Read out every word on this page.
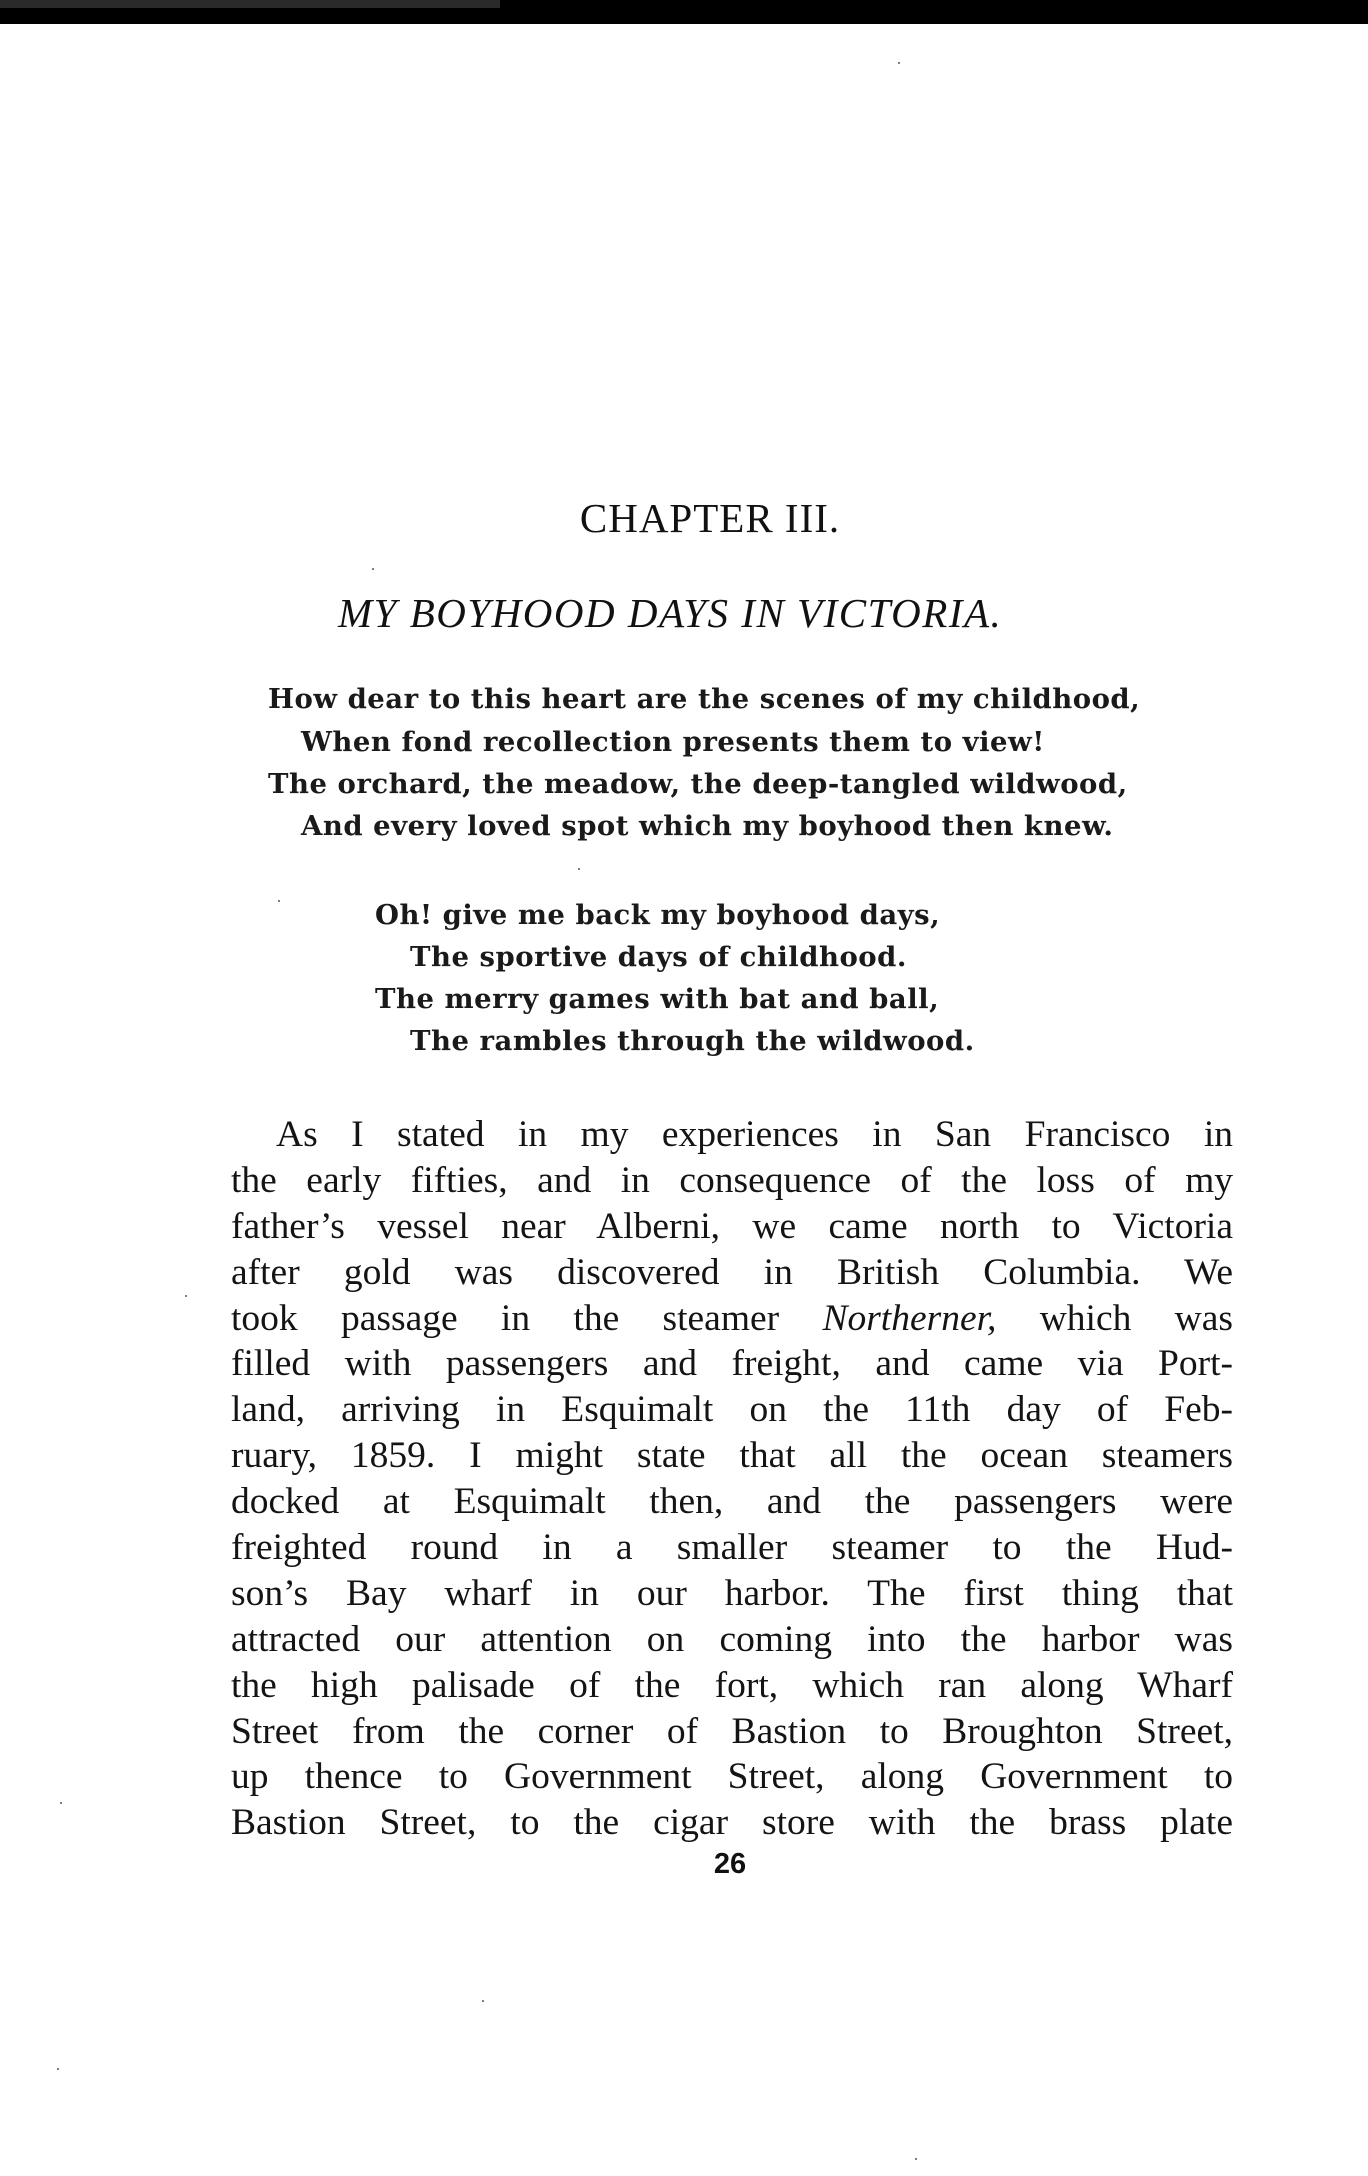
CHAPTER III.
MY BOYHOOD DAYS IN VICTORIA.
How dear to this heart are the scenes of my childhood,
When fond recollection presents them to view!
The orchard, the meadow, the deep-tangled wildwood,
And every loved spot which my boyhood then knew.
Oh! give me back my boyhood days,
The sportive days of childhood.
The merry games with bat and ball,
The rambles through the wildwood.
As I stated in my experiences in San Francisco in
the early fifties, and in consequence of the loss of my
father’s vessel near Alberni, we came north to Victoria
after gold was discovered in British Columbia. We
took passage in the steamer Northerner, which was
filled with passengers and freight, and came via Port-
land, arriving in Esquimalt on the 11th day of Feb-
ruary, 1859. I might state that all the ocean steamers
docked at Esquimalt then, and the passengers were
freighted round in a smaller steamer to the Hud-
son’s Bay wharf in our harbor. The first thing that
attracted our attention on coming into the harbor was
the high palisade of the fort, which ran along Wharf
Street from the corner of Bastion to Broughton Street,
up thence to Government Street, along Government to
Bastion Street, to the cigar store with the brass plate
26
